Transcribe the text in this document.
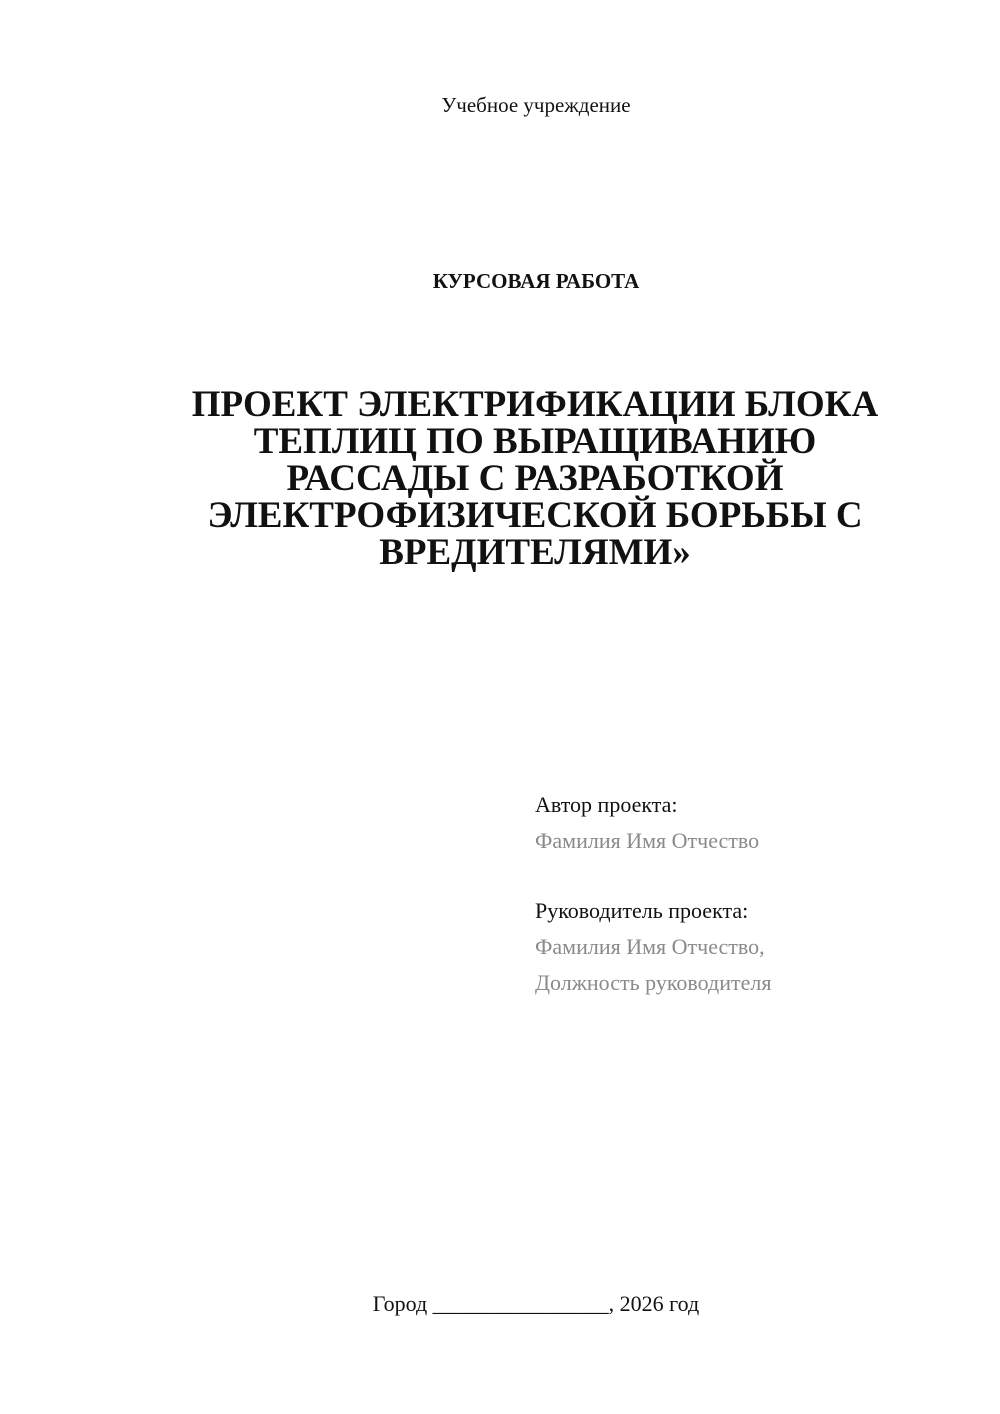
Учебное учреждение
КУРСОВАЯ РАБОТА
ПРОЕКТ ЭЛЕКТРИФИКАЦИИ БЛОКА
ТЕПЛИЦ ПО ВЫРАЩИВАНИЮ
РАССАДЫ С РАЗРАБОТКОЙ
ЭЛЕКТРОФИЗИЧЕСКОЙ БОРЬБЫ С
ВРЕДИТЕЛЯМИ»
Автор проекта:
Фамилия Имя Отчество
Руководитель проекта:
Фамилия Имя Отчество,
Должность руководителя
Город ________________, 2026 год
